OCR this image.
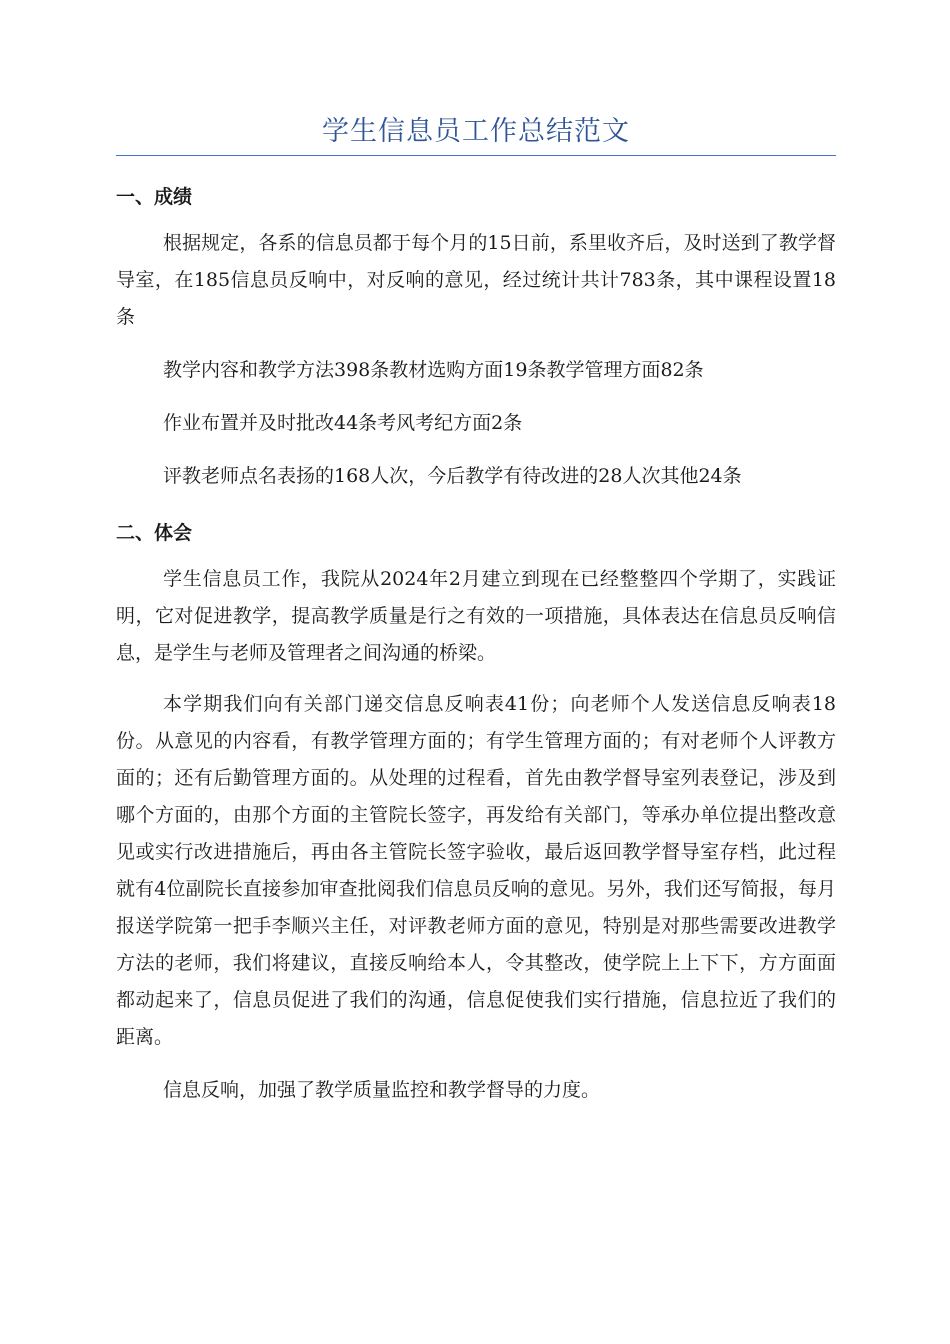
学生信息员工作总结范文
一、成绩

根据规定，各系的信息员都于每个月的15日前，系里收齐后，及时送到了教学督导室，在185信息员反响中，对反响的意见，经过统计共计783条，其中课程设置18条

教学内容和教学方法398条教材选购方面19条教学管理方面82条

作业布置并及时批改44条考风考纪方面2条

评教老师点名表扬的168人次，今后教学有待改进的28人次其他24条

二、体会

学生信息员工作，我院从2024年2月建立到现在已经整整四个学期了，实践证明，它对促进教学，提高教学质量是行之有效的一项措施，具体表达在信息员反响信息，是学生与老师及管理者之间沟通的桥梁。

本学期我们向有关部门递交信息反响表41份；向老师个人发送信息反响表18份。从意见的内容看，有教学管理方面的；有学生管理方面的；有对老师个人评教方面的；还有后勤管理方面的。从处理的过程看，首先由教学督导室列表登记，涉及到哪个方面的，由那个方面的主管院长签字，再发给有关部门，等承办单位提出整改意见或实行改进措施后，再由各主管院长签字验收，最后返回教学督导室存档，此过程就有4位副院长直接参加审查批阅我们信息员反响的意见。另外，我们还写简报，每月报送学院第一把手李顺兴主任，对评教老师方面的意见，特别是对那些需要改进教学方法的老师，我们将建议，直接反响给本人，令其整改，使学院上上下下，方方面面都动起来了，信息员促进了我们的沟通，信息促使我们实行措施，信息拉近了我们的距离。

信息反响，加强了教学质量监控和教学督导的力度。
